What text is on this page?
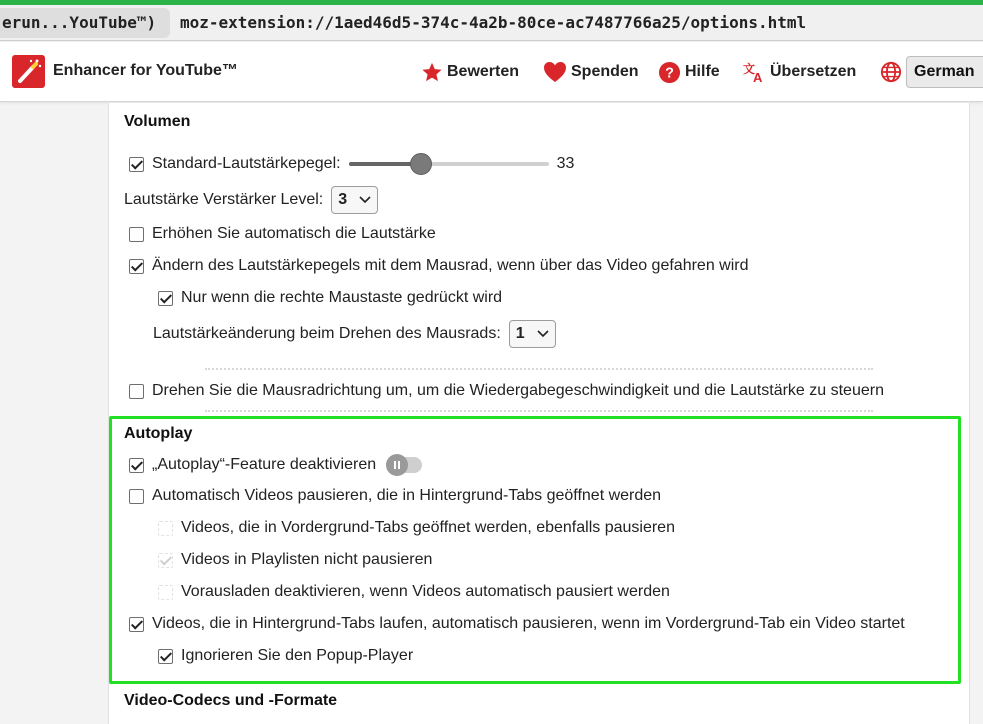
erun...YouTube™)	moz-extension://1aed46d5-374c-4a2b-80ce-ac7487766a25/options.html
Enhancer for YouTube™	Bewerten	Spenden ? Hilfe 文
A Übersetzen	German
Volumen
Standard-Lautstärkepegel:	33
Lautstärke Verstärker Level: 3
Erhöhen Sie automatisch die Lautstärke
Ändern des Lautstärkepegels mit dem Mausrad, wenn über das Video gefahren wird
Nur wenn die rechte Maustaste gedrückt wird
Lautstärkeänderung beim Drehen des Mausrads: 1
Drehen Sie die Mausradrichtung um, um die Wiedergabegeschwindigkeit und die Lautstärke zu steuern
Autoplay
„Autoplay“-Feature deaktivieren
Automatisch Videos pausieren, die in Hintergrund-Tabs geöffnet werden
Videos, die in Vordergrund-Tabs geöffnet werden, ebenfalls pausieren
Videos in Playlisten nicht pausieren
Vorausladen deaktivieren, wenn Videos automatisch pausiert werden
Videos, die in Hintergrund-Tabs laufen, automatisch pausieren, wenn im Vordergrund-Tab ein Video startet
Ignorieren Sie den Popup-Player
Video-Codecs und -Formate
